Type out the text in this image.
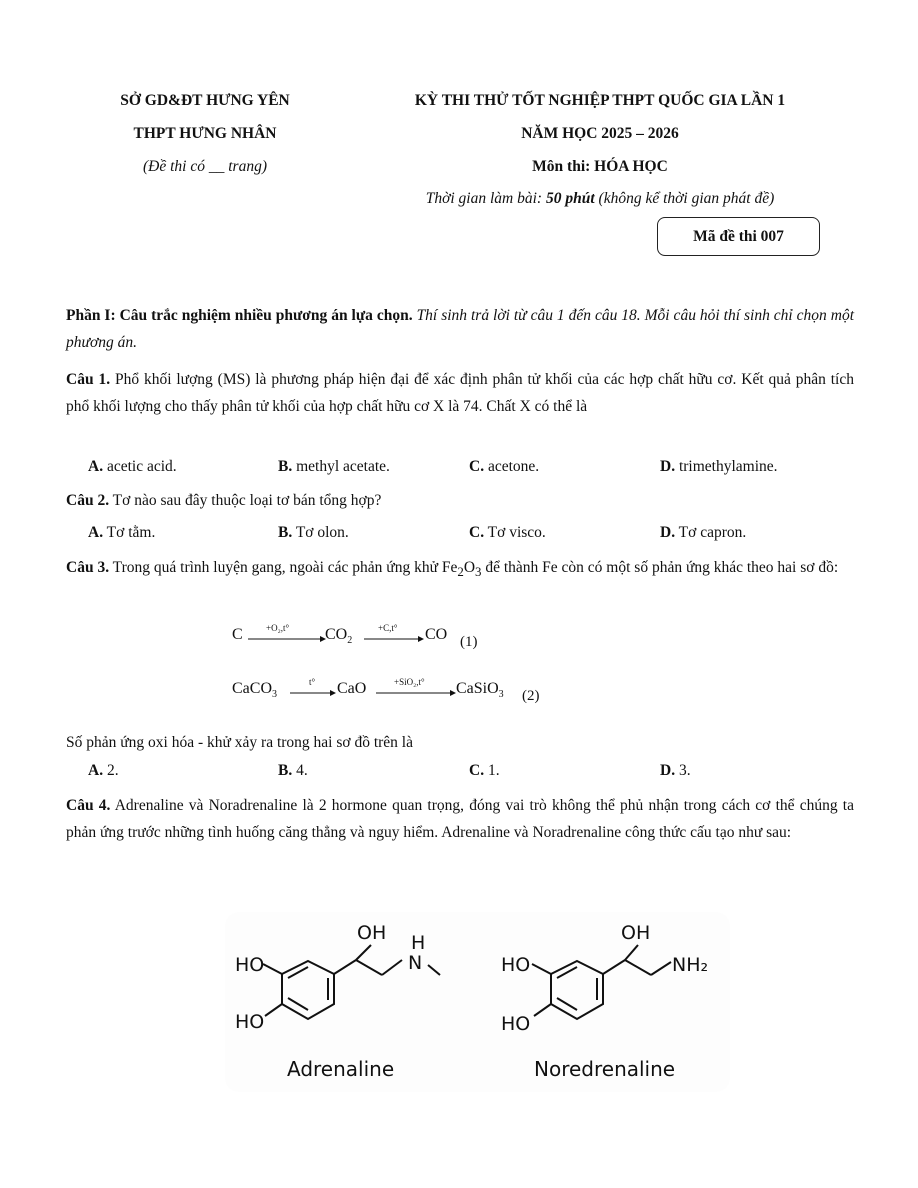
SỞ GD&ĐT HƯNG YÊN
THPT HƯNG NHÂN
(Đề thi có __ trang)
KỲ THI THỬ TỐT NGHIỆP THPT QUỐC GIA LẦN 1
NĂM HỌC 2025 – 2026
Môn thi: HÓA HỌC
Thời gian làm bài: 50 phút (không kể thời gian phát đề)
Mã đề thi 007
Phần I: Câu trắc nghiệm nhiều phương án lựa chọn. Thí sinh trả lời từ câu 1 đến câu 18. Mỗi câu hỏi thí sinh chỉ chọn một phương án.
Câu 1. Phổ khối lượng (MS) là phương pháp hiện đại để xác định phân tử khối của các hợp chất hữu cơ. Kết quả phân tích phổ khối lượng cho thấy phân tử khối của hợp chất hữu cơ X là 74. Chất X có thể là
A. acetic acid.	B. methyl acetate.	C. acetone.	D. trimethylamine.
Câu 2. Tơ nào sau đây thuộc loại tơ bán tổng hợp?
A. Tơ tằm.	B. Tơ olon.	C. Tơ visco.	D. Tơ capron.
Câu 3. Trong quá trình luyện gang, ngoài các phản ứng khử $Fe_2O_3$ để thành Fe còn có một số phản ứng khác theo hai sơ đồ:
C	+O₂,t° $CO_2$
+C,t° CO (1)
CaCO$_3$
t° CaO	+SiO₂,t° CaSiO$_3$ (2)
Số phản ứng oxi hóa - khử xảy ra trong hai sơ đồ trên là
A. 2.	B. 4.	C. 1.	D. 3.
Câu 4. Adrenaline và Noradrenaline là 2 hormone quan trọng, đóng vai trò không thể phủ nhận trong cách cơ thể chúng ta phản ứng trước những tình huống căng thẳng và nguy hiểm. Adrenaline và Noradrenaline công thức cấu tạo như sau:
OH H
N
HO
HO
Adrenaline
OH
NH₂
HO
HO
Noredrenaline
